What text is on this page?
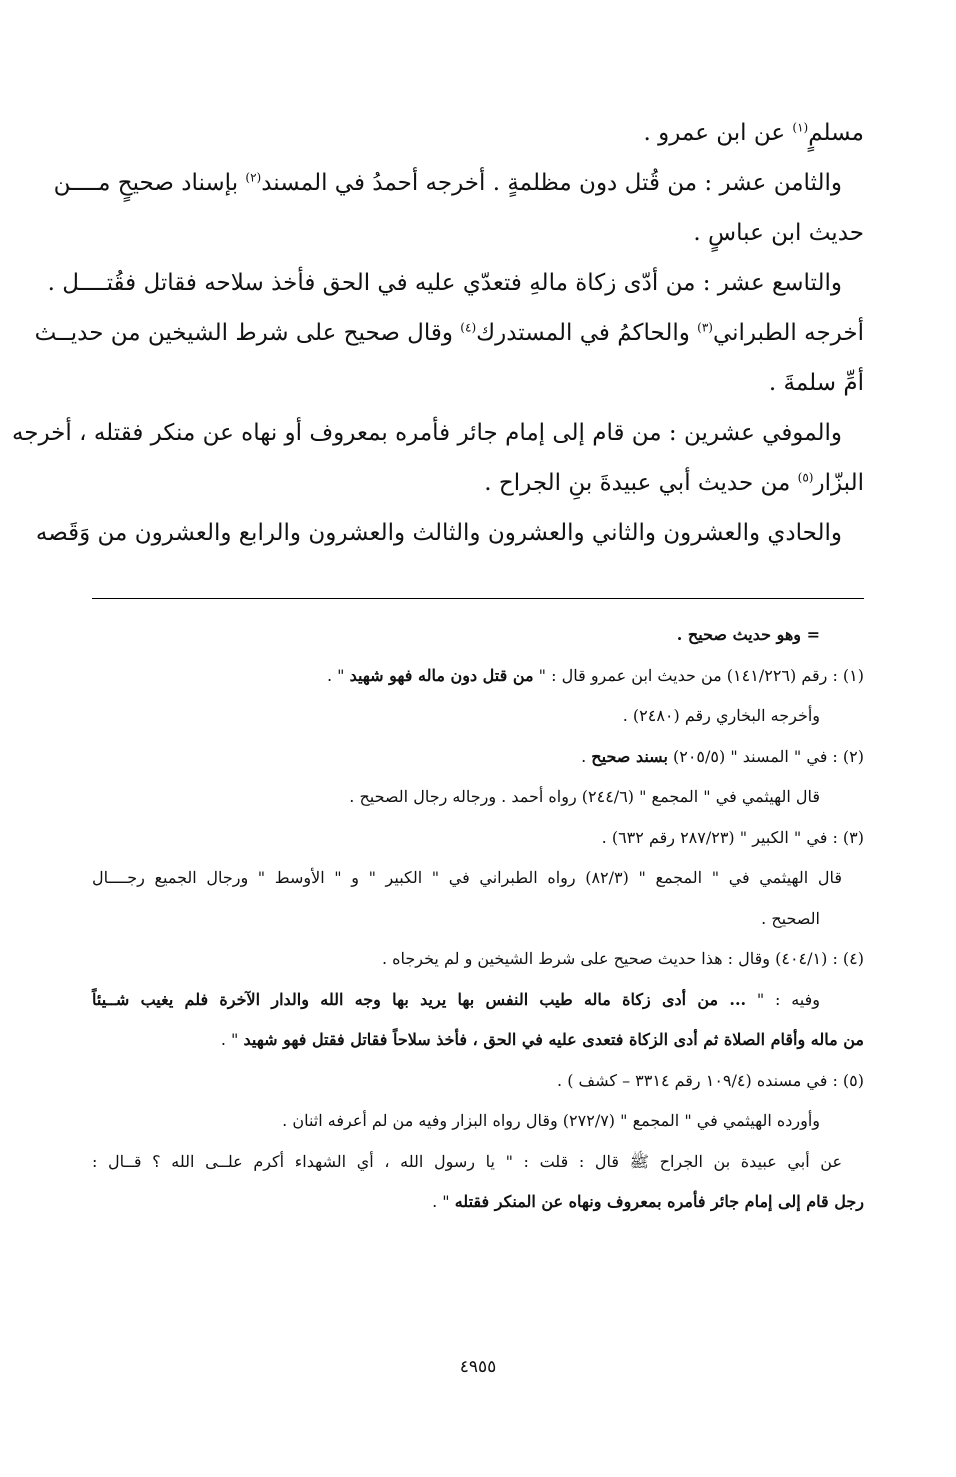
مسلمٍ$^{(١)}$ عن ابن عمرو .
والثامن عشر : من قُتل دون مظلمةٍ . أخرجه أحمدُ في المسند$^{(٢)}$ بإسناد صحيحٍ مــــن
حديث ابن عباسٍ .
والتاسع عشر : من أدّى زكاة مالهِ فتعدّي عليه في الحق فأخذ سلاحه فقاتل فقُتــــل .
أخرجه الطبراني$^{(٣)}$ والحاكمُ في المستدرك$^{(٤)}$ وقال صحيح على شرط الشيخين من حديــث
أمِّ سلمةَ .
والموفي عشرين : من قام إلى إمام جائر فأمره بمعروف أو نهاه عن منكر فقتله ، أخرجه
البزّار$^{(٥)}$ من حديث أبي عبيدةَ بنِ الجراح .
والحادي والعشرون والثاني والعشرون والثالث والعشرون والرابع والعشرون من وَقَصه
= وهو حديث صحيح .
(١) : رقم (١٤١/٢٢٦) من حديث ابن عمرو قال : " من قتل دون ماله فهو شهيد " .
وأخرجه البخاري رقم (٢٤٨٠) .
(٢) : في " المسند " (٢٠٥/٥) بسند صحيح .
قال الهيثمي في " المجمع " (٢٤٤/٦) رواه أحمد . ورجاله رجال الصحيح .
(٣) : في " الكبير " (٢٨٧/٢٣ رقم ٦٣٢) .
قال الهيثمي في " المجمع " (٨٢/٣) رواه الطبراني في " الكبير " و " الأوسط " ورجال الجميع رجــــال
الصحيح .
(٤) : (٤٠٤/١) وقال : هذا حديث صحيح على شرط الشيخين و لم يخرجاه .
وفيه : " ... من أدى زكاة ماله طيب النفس بها يريد بها وجه الله والدار الآخرة فلم يغيب شــيئاً
من ماله وأقام الصلاة ثم أدى الزكاة فتعدى عليه في الحق ، فأخذ سلاحاً فقاتل فقتل فهو شهيد " .
(٥) : في مسنده (١٠٩/٤ رقم ٣٣١٤ – كشف ) .
وأورده الهيثمي في " المجمع " (٢٧٢/٧) وقال رواه البزار وفيه من لم أعرفه اثنان .
عن أبي عبيدة بن الجراح ﷺ قال : قلت : " يا رسول الله ، أي الشهداء أكرم علــى الله ؟ قــال :
رجل قام إلى إمام جائر فأمره بمعروف ونهاه عن المنكر فقتله " .
٤٩٥٥
